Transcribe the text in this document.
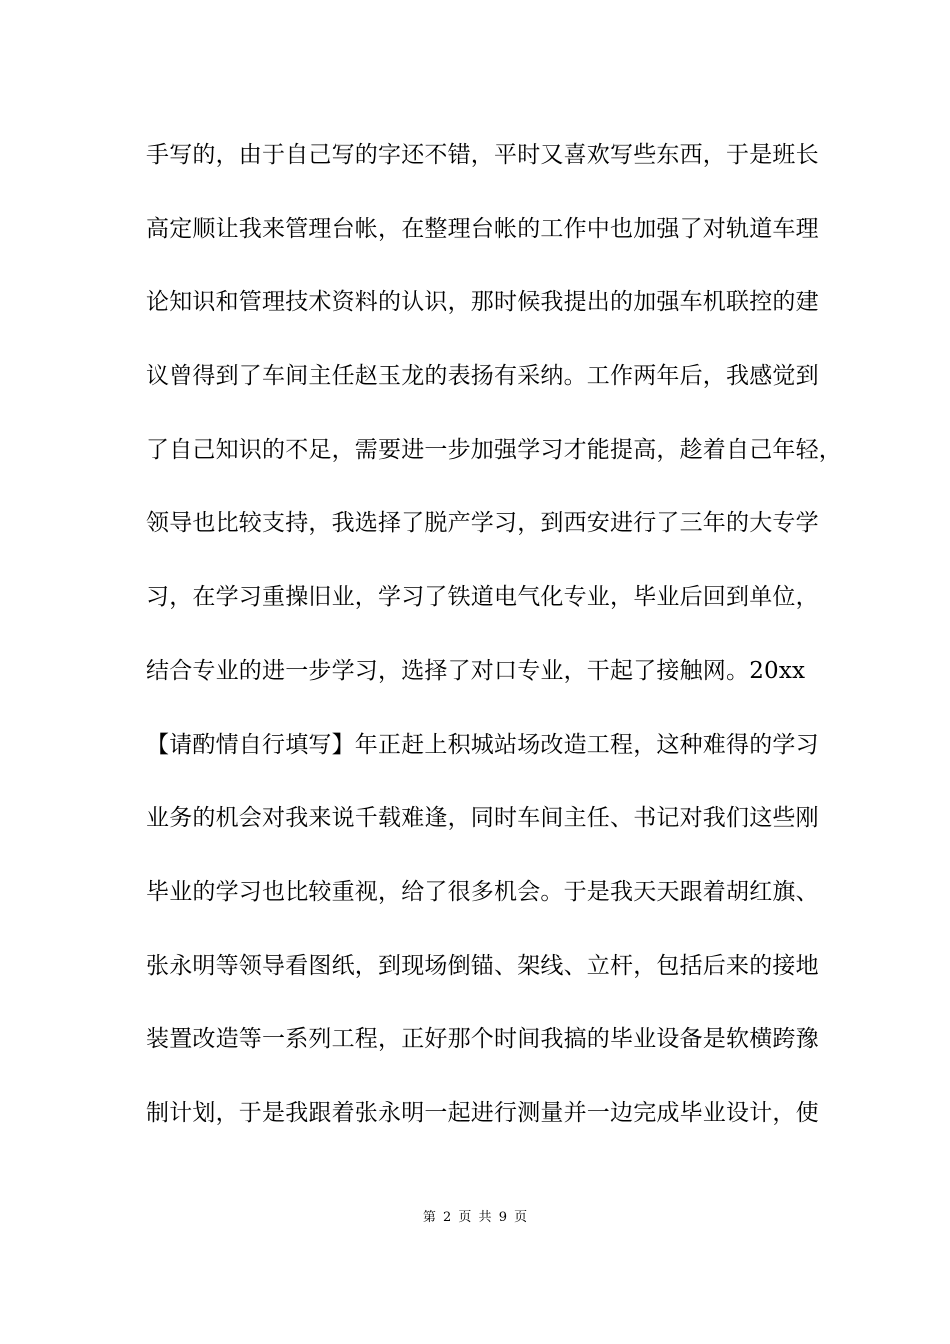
手写的，由于自己写的字还不错，平时又喜欢写些东西，于是班长
高定顺让我来管理台帐，在整理台帐的工作中也加强了对轨道车理
论知识和管理技术资料的认识，那时候我提出的加强车机联控的建
议曾得到了车间主任赵玉龙的表扬有采纳。工作两年后，我感觉到
了自己知识的不足，需要进一步加强学习才能提高，趁着自己年轻，
领导也比较支持，我选择了脱产学习，到西安进行了三年的大专学
习，在学习重操旧业，学习了铁道电气化专业，毕业后回到单位，
结合专业的进一步学习，选择了对口专业，干起了接触网。20xx
【请酌情自行填写】年正赶上积城站场改造工程，这种难得的学习
业务的机会对我来说千载难逢，同时车间主任、书记对我们这些刚
毕业的学习也比较重视，给了很多机会。于是我天天跟着胡红旗、
张永明等领导看图纸，到现场倒锚、架线、立杆，包括后来的接地
装置改造等一系列工程，正好那个时间我搞的毕业设备是软横跨豫
制计划，于是我跟着张永明一起进行测量并一边完成毕业设计，使
第 2 页 共 9 页
